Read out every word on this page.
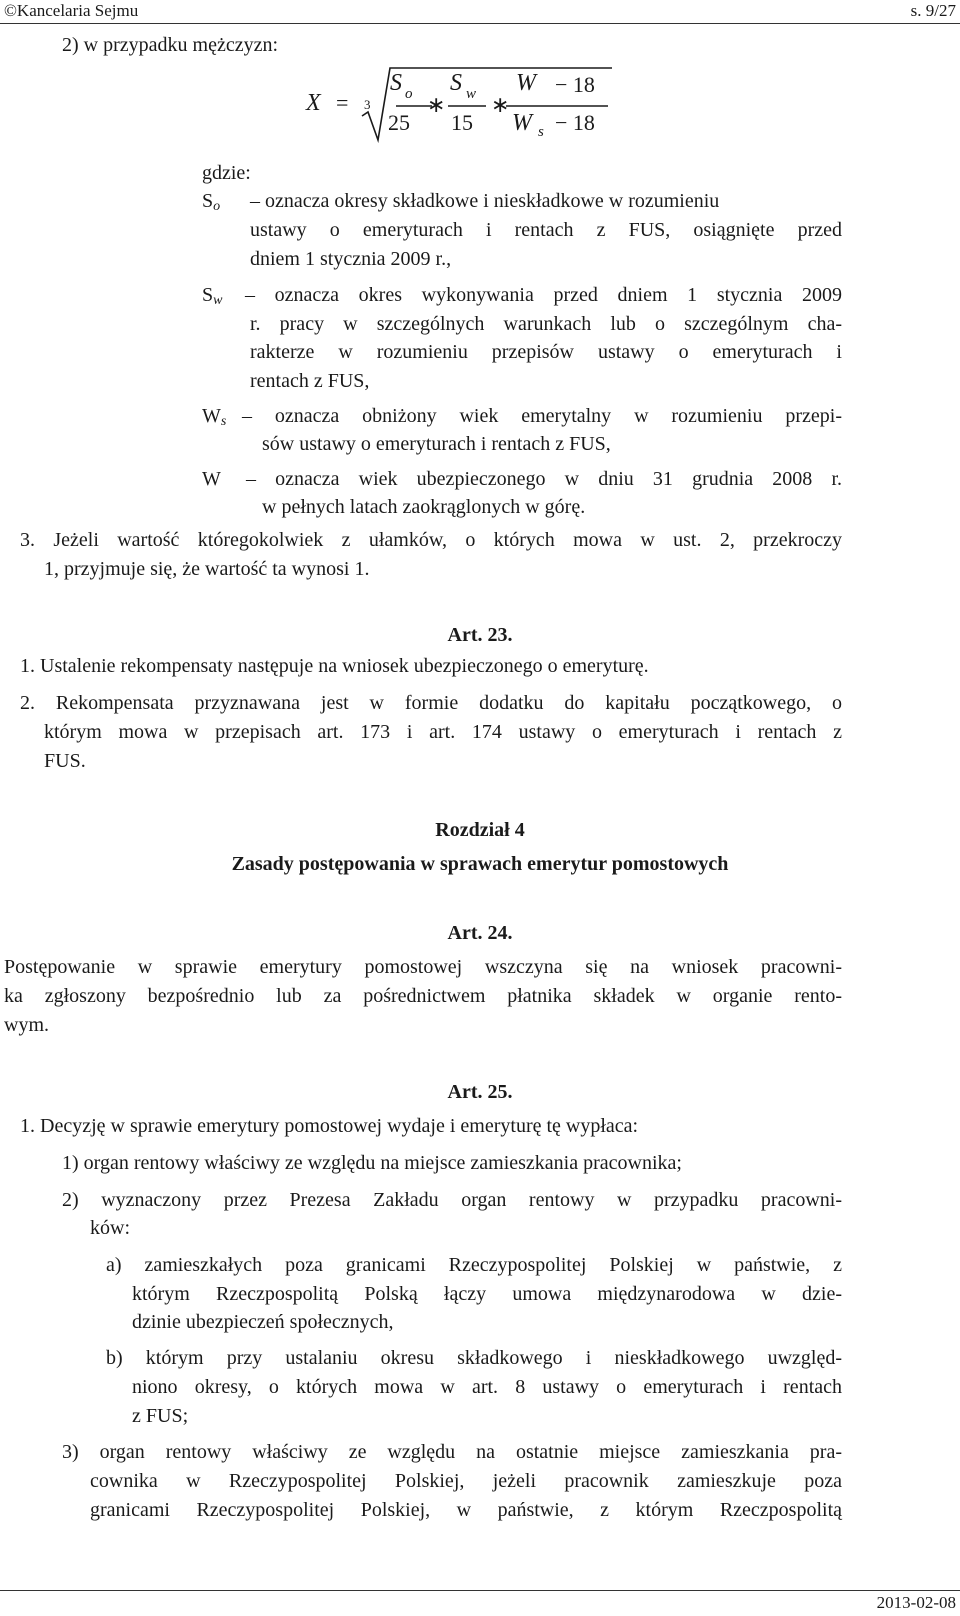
©Kancelaria Sejmu	s. 9/27
2) w przypadku mężczyzn:
X = 3
S o
25
∗
S w
15
∗
W − 18
W s − 18
gdzie:
$S_o$ – oznacza okresy składkowe i nieskładkowe w rozumieniu
ustawy o emeryturach i rentach z FUS, osiągnięte przed
dniem 1 stycznia 2009 r.,
$S_w$ – oznacza okres wykonywania przed dniem 1 stycznia 2009
r. pracy w szczególnych warunkach lub o szczególnym cha-
rakterze w rozumieniu przepisów ustawy o emeryturach i
rentach z FUS,
$W_s$ – oznacza obniżony wiek emerytalny w rozumieniu przepi-
sów ustawy o emeryturach i rentach z FUS,
W – oznacza wiek ubezpieczonego w dniu 31 grudnia 2008 r.
w pełnych latach zaokrąglonych w górę.
3. Jeżeli wartość któregokolwiek z ułamków, o których mowa w ust. 2, przekroczy
1, przyjmuje się, że wartość ta wynosi 1.
Art. 23.
1. Ustalenie rekompensaty następuje na wniosek ubezpieczonego o emeryturę.
2. Rekompensata przyznawana jest w formie dodatku do kapitału początkowego, o
którym mowa w przepisach art. 173 i art. 174 ustawy o emeryturach i rentach z
FUS.
Rozdział 4
Zasady postępowania w sprawach emerytur pomostowych
Art. 24.
Postępowanie w sprawie emerytury pomostowej wszczyna się na wniosek pracowni-
ka zgłoszony bezpośrednio lub za pośrednictwem płatnika składek w organie rento-
wym.
Art. 25.
1. Decyzję w sprawie emerytury pomostowej wydaje i emeryturę tę wypłaca:
1) organ rentowy właściwy ze względu na miejsce zamieszkania pracownika;
2) wyznaczony przez Prezesa Zakładu organ rentowy w przypadku pracowni-
ków:
a) zamieszkałych poza granicami Rzeczypospolitej Polskiej w państwie, z
którym Rzeczpospolitą Polską łączy umowa międzynarodowa w dzie-
dzinie ubezpieczeń społecznych,
b) którym przy ustalaniu okresu składkowego i nieskładkowego uwzględ-
niono okresy, o których mowa w art. 8 ustawy o emeryturach i rentach
z FUS;
3) organ rentowy właściwy ze względu na ostatnie miejsce zamieszkania pra-
cownika w Rzeczypospolitej Polskiej, jeżeli pracownik zamieszkuje poza
granicami Rzeczypospolitej Polskiej, w państwie, z którym Rzeczpospolitą
2013-02-08
